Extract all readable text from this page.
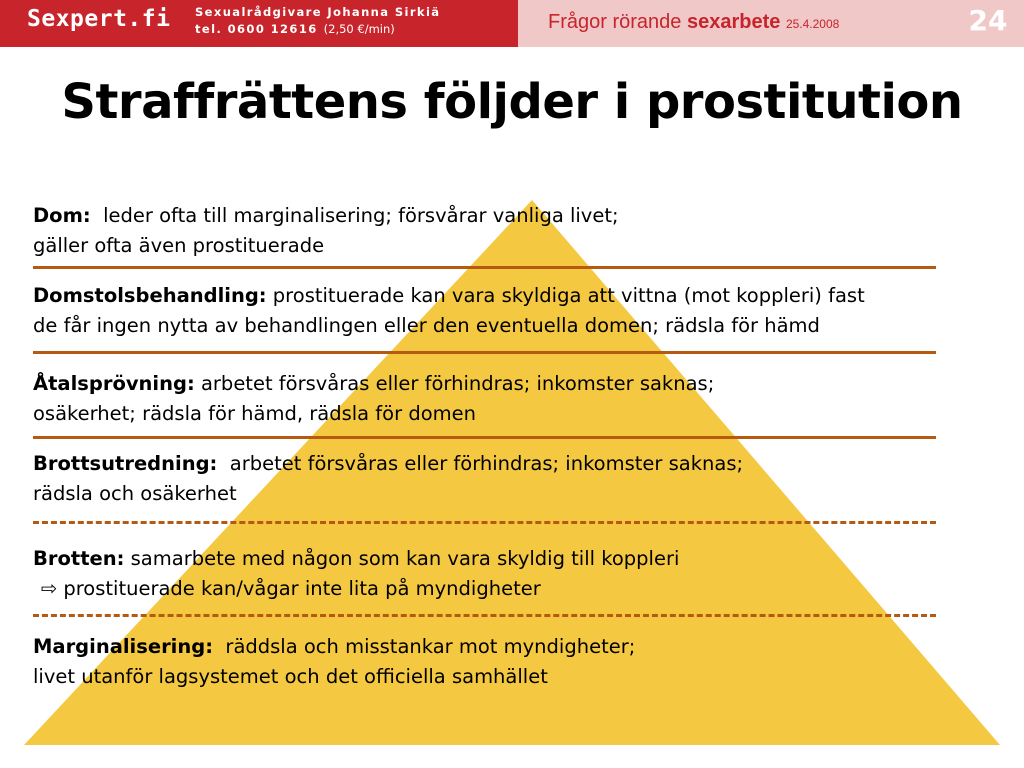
Sexpert.fi Sexualrådgivare Johanna Sirkiä
tel. 0600 12616 (2,50 €/min)	Frågor rörande sexarbete 25.4.2008	24
Straffrättens följder i prostitution
Dom: leder ofta till marginalisering; försvårar vanliga livet;
gäller ofta även prostituerade
Domstolsbehandling: prostituerade kan vara skyldiga att vittna (mot koppleri) fast
de får ingen nytta av behandlingen eller den eventuella domen; rädsla för hämd
Åtalsprövning: arbetet försvåras eller förhindras; inkomster saknas;
osäkerhet; rädsla för hämd, rädsla för domen
Brottsutredning: arbetet försvåras eller förhindras; inkomster saknas;
rädsla och osäkerhet
Brotten: samarbete med någon som kan vara skyldig till koppleri
⇨ prostituerade kan/vågar inte lita på myndigheter
Marginalisering: räddsla och misstankar mot myndigheter;
livet utanför lagsystemet och det officiella samhället
